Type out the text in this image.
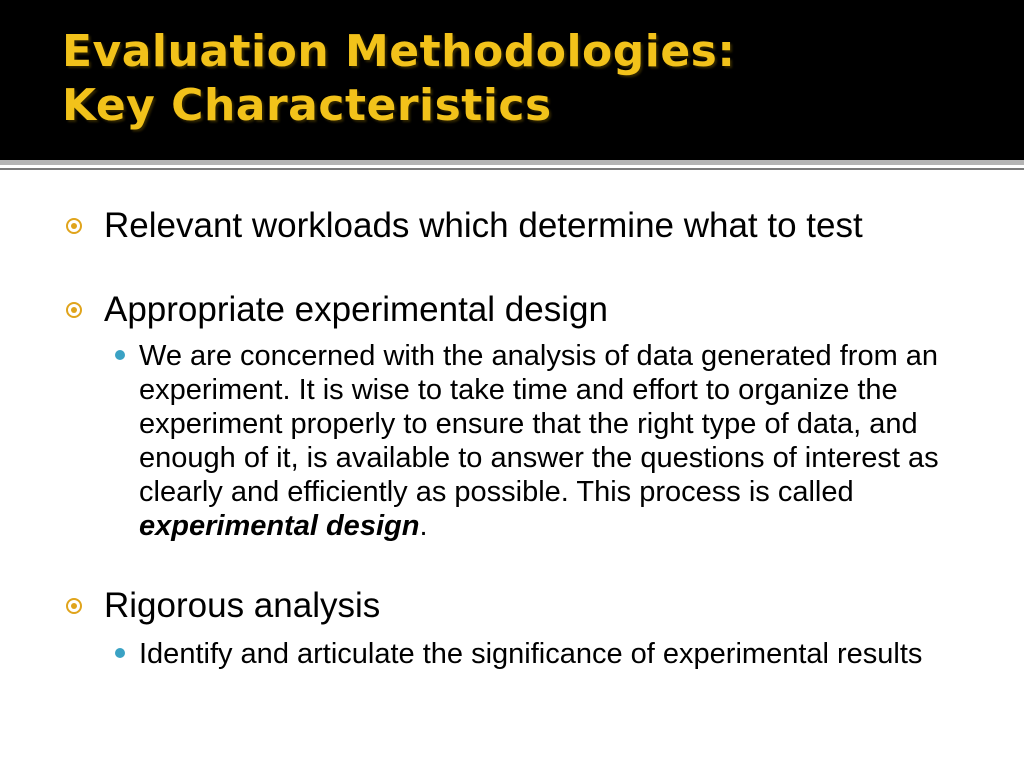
Evaluation Methodologies:
Key Characteristics

Relevant workloads which determine what to test

Appropriate experimental design

We are concerned with the analysis of data generated from an experiment. It is wise to take time and effort to organize the experiment properly to ensure that the right type of data, and enough of it, is available to answer the questions of interest as clearly and efficiently as possible. This process is called experimental design.

Rigorous analysis

Identify and articulate the significance of experimental results
